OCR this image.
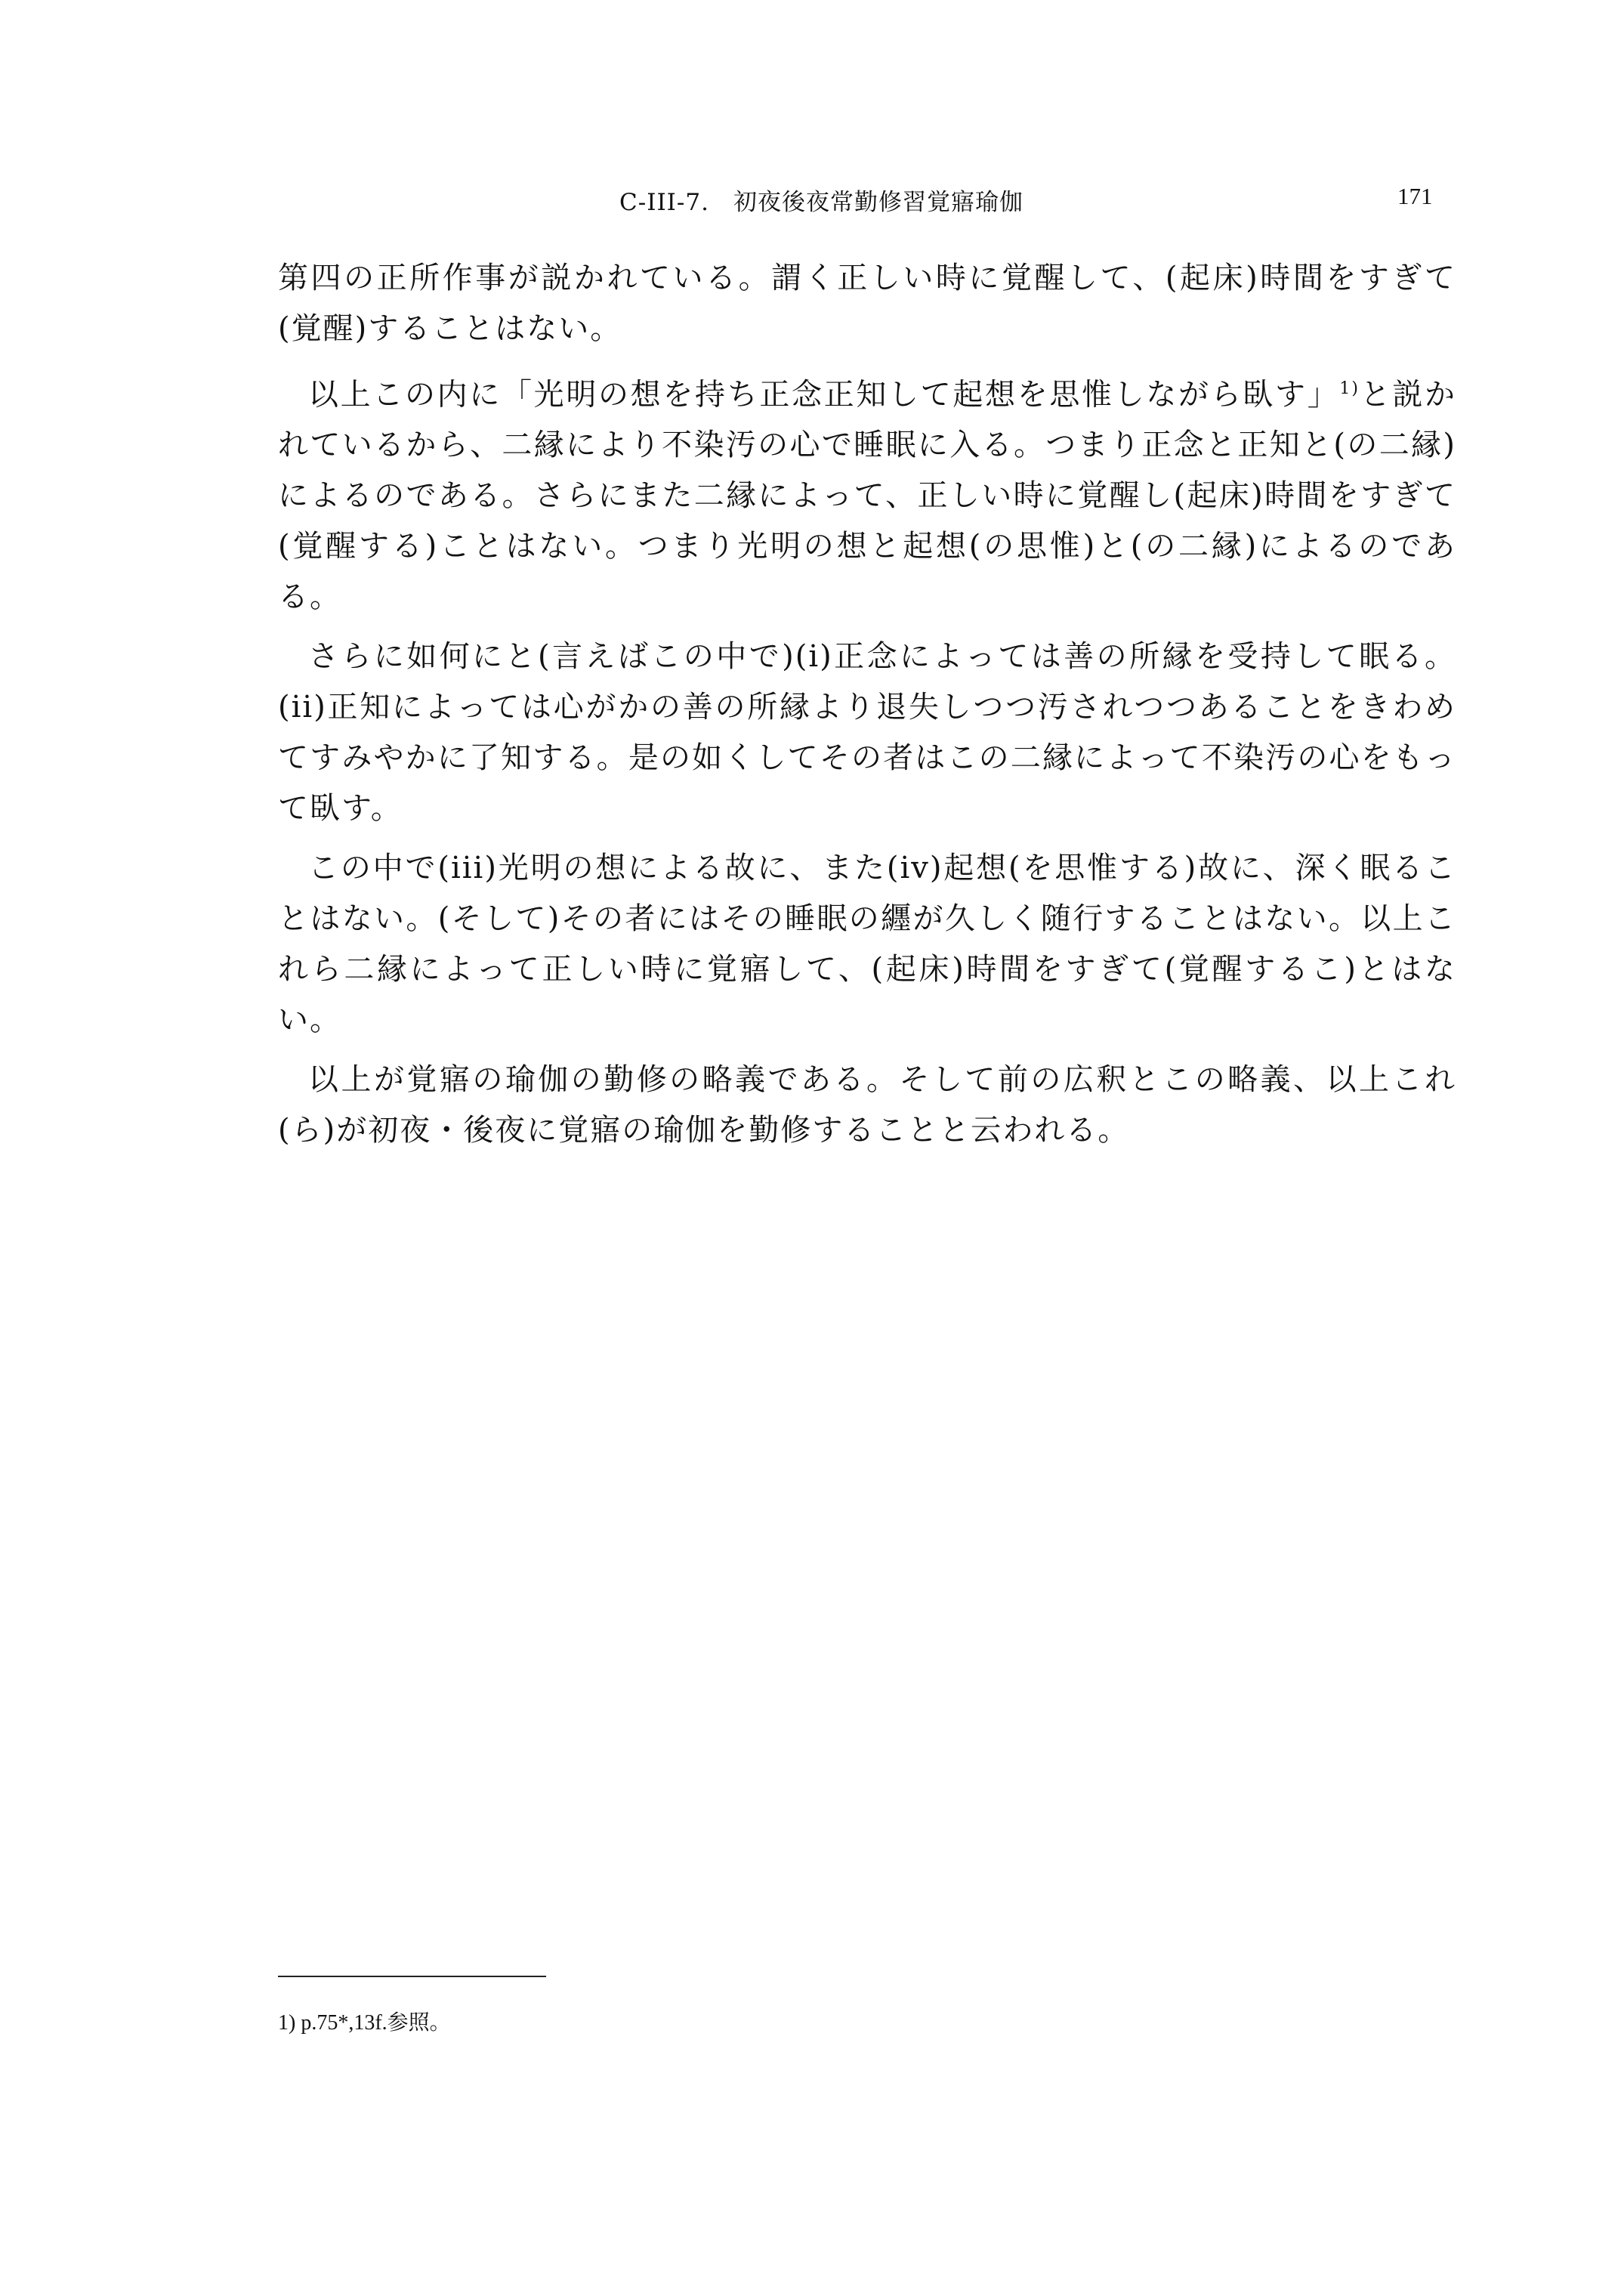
C-III-7.　初夜後夜常勤修習覚寤瑜伽	171

第四の正所作事が説かれている。謂く正しい時に覚醒して、(起床)時間をすぎて(覚醒)することはない。

以上この内に「光明の想を持ち正念正知して起想を思惟しながら臥す」$^{1)}$と説かれているから、二縁により不染汚の心で睡眠に入る。つまり正念と正知と(の二縁)によるのである。さらにまた二縁によって、正しい時に覚醒し(起床)時間をすぎて(覚醒する)ことはない。つまり光明の想と起想(の思惟)と(の二縁)によるのである。

さらに如何にと(言えばこの中で)(i)正念によっては善の所縁を受持して眠る。(ii)正知によっては心がかの善の所縁より退失しつつ汚されつつあることをきわめてすみやかに了知する。是の如くしてその者はこの二縁によって不染汚の心をもって臥す。

この中で(iii)光明の想による故に、また(iv)起想(を思惟する)故に、深く眠ることはない。(そして)その者にはその睡眠の纒が久しく随行することはない。以上これら二縁によって正しい時に覚寤して、(起床)時間をすぎて(覚醒するこ)とはない。

以上が覚寤の瑜伽の勤修の略義である。そして前の広釈とこの略義、以上これ(ら)が初夜・後夜に覚寤の瑜伽を勤修することと云われる。

1) p.75*,13f.参照。
